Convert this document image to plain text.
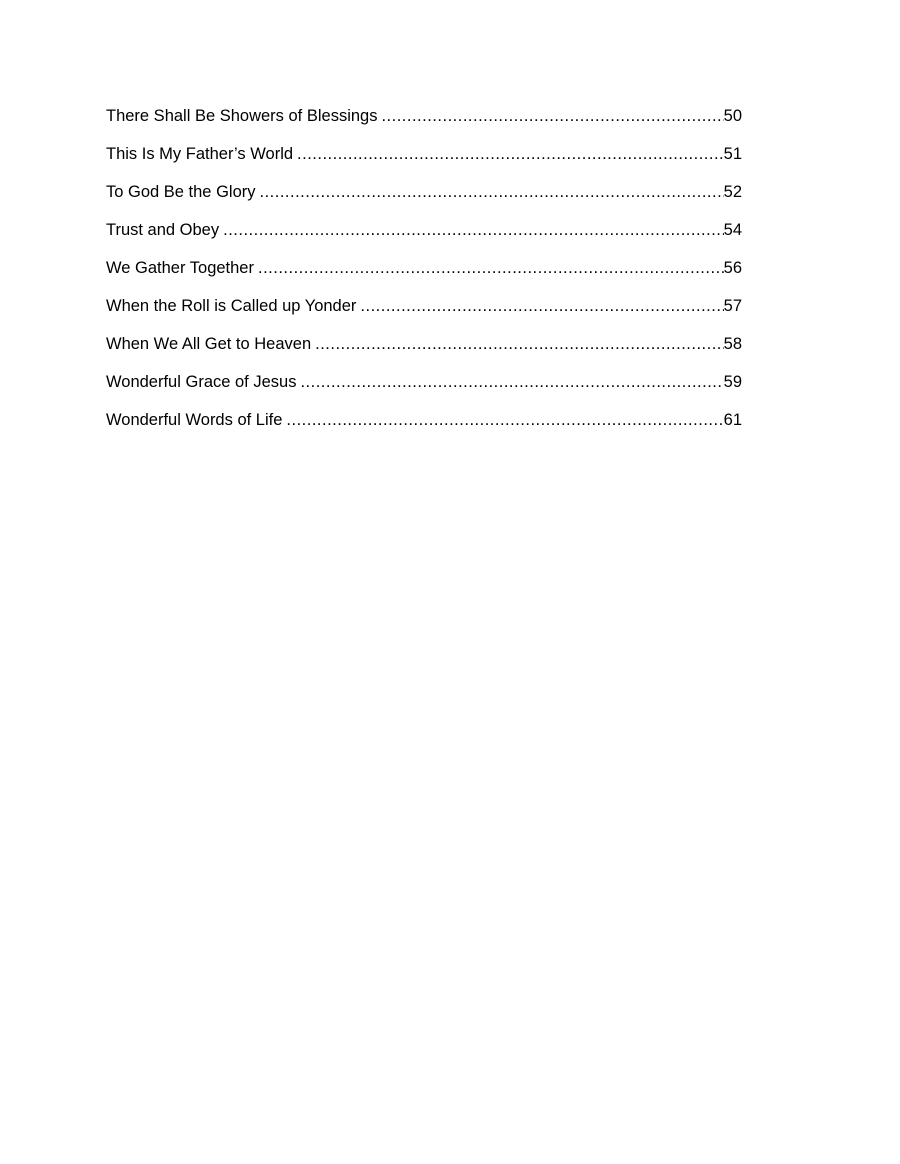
There Shall Be Showers of Blessings .....	50
This Is My Father’s World .....	51
To God Be the Glory .....	52
Trust and Obey .....	54
We Gather Together .....	56
When the Roll is Called up Yonder .....	57
When We All Get to Heaven .....	58
Wonderful Grace of Jesus .....	59
Wonderful Words of Life .....	61
